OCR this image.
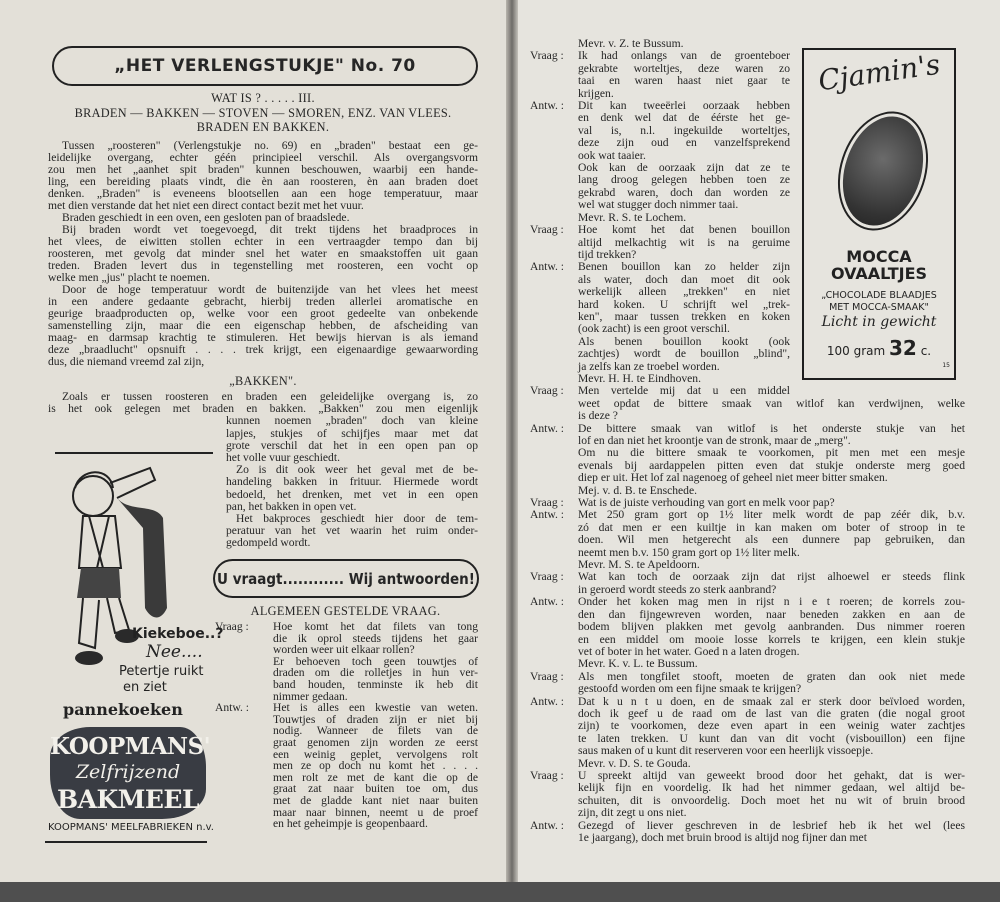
„HET VERLENGSTUKJE" No. 70
WAT IS ? . . . . . III.
BRADEN — BAKKEN — STOVEN — SMOREN, ENZ. VAN VLEES.
BRADEN EN BAKKEN.
Tussen „roosteren" (Verlengstukje no. 69) en „braden" bestaat een ge-
leidelijke overgang, echter géén principieel verschil. Als overgangsvorm
zou men het „aanhet spit braden" kunnen beschouwen, waarbij een hande-
ling, een bereiding plaats vindt, die èn aan roosteren, èn aan braden doet
denken. „Braden" is eveneens blootsellen aan een hoge temperatuur, maar
met dien verstande dat het niet een direct contact bezit met het vuur.
Braden geschiedt in een oven, een gesloten pan of braadslede.
Bij braden wordt vet toegevoegd, dit trekt tijdens het braadproces in
het vlees, de eiwitten stollen echter in een vertraagder tempo dan bij
roosteren, met gevolg dat minder snel het water en smaakstoffen uit gaan
treden. Braden levert dus in tegenstelling met roosteren, een vocht op
welke men „jus" placht te noemen.
Door de hoge temperatuur wordt de buitenzijde van het vlees het meest
in een andere gedaante gebracht, hierbij treden allerlei aromatische en
geurige braadproducten op, welke voor een groot gedeelte van onbekende
samenstelling zijn, maar die een eigenschap hebben, de afscheiding van
maag- en darmsap krachtig te stimuleren. Het bewijs hiervan is als iemand
deze „braadlucht" opsnuift . . . . trek krijgt, een eigenaardige gewaarwording
dus, die niemand vreemd zal zijn,
„BAKKEN".
Zoals er tussen roosteren en braden een geleidelijke overgang is, zo
is het ook gelegen met braden en bakken. „Bakken" zou men eigenlijk
kunnen noemen „braden" doch van kleine
lapjes, stukjes of schijfjes maar met dat
grote verschil dat het in een open pan op
het volle vuur geschiedt.
Zo is dit ook weer het geval met de be-
handeling bakken in frituur. Hiermede wordt
bedoeld, het drenken, met vet in een open
pan, het bakken in open vet.
Het bakproces geschiedt hier door de tem-
peratuur van het vet waarin het ruim onder-
gedompeld wordt.
Kiekeboe..?
Nee....
Petertje ruikt
en ziet
pannekoeken
KOOPMANS'
Zelfrijzend
BAKMEEL
KOOPMANS' MEELFABRIEKEN n.v.
U vraagt............ Wij antwoorden!
ALGEMEEN GESTELDE VRAAG.
Vraag :	Hoe komt het dat filets van tong
die ik oprol steeds tijdens het gaar
worden weer uit elkaar rollen?
Er behoeven toch geen touwtjes of
draden om die rolletjes in hun ver-
band houden, tenminste ik heb dit
nimmer gedaan.
Antw. :	Het is alles een kwestie van weten.
Touwtjes of draden zijn er niet bij
nodig. Wanneer de filets van de
graat genomen zijn worden ze eerst
een weinig geplet, vervolgens rolt
men ze op doch nu komt het . . . .
men rolt ze met de kant die op de
graat zat naar buiten toe om, dus
met de gladde kant niet naar buiten
maar naar binnen, neemt u de proef
en het geheimpje is geopenbaard.
Mevr. v. Z. te Bussum.
Vraag :	Ik had onlangs van de groenteboer
gekrabte worteltjes, deze waren zo
taai en waren haast niet gaar te
krijgen.
Antw. :	Dit kan tweeërlei oorzaak hebben
en denk wel dat de éérste het ge-
val is, n.l. ingekuilde worteltjes,
deze zijn oud en vanzelfsprekend
ook wat taaier.
Ook kan de oorzaak zijn dat ze te
lang droog gelegen hebben toen ze
gekrabd waren, doch dan worden ze
wel wat stugger doch nimmer taai.
Mevr. R. S. te Lochem.
Vraag :	Hoe komt het dat benen bouillon
altijd melkachtig wit is na geruime
tijd trekken?
Antw. :	Benen bouillon kan zo helder zijn
als water, doch dan moet dit ook
werkelijk alleen „trekken" en niet
hard koken. U schrijft wel „trek-
ken", maar tussen trekken en koken
(ook zacht) is een groot verschil.
Als benen bouillon kookt (ook
zachtjes) wordt de bouillon „blind",
ja zelfs kan ze troebel worden.
Mevr. H. H. te Eindhoven.
Vraag :	Men vertelde mij dat u een middel
weet opdat de bittere smaak van witlof kan verdwijnen, welke
is deze ?
Antw. :	De bittere smaak van witlof is het onderste stukje van het
lof en dan niet het kroontje van de stronk, maar de „merg".
Om nu die bittere smaak te voorkomen, pit men met een mesje
evenals bij aardappelen pitten even dat stukje onderste merg goed
diep er uit. Het lof zal nagenoeg of geheel niet meer bitter smaken.
Mej. v. d. B. te Enschede.
Vraag :	Wat is de juiste verhouding van gort en melk voor pap?
Antw. :	Met 250 gram gort op 1½ liter melk wordt de pap zéér dik, b.v.
zó dat men er een kuiltje in kan maken om boter of stroop in te
doen. Wil men hetgerecht als een dunnere pap gebruiken, dan
neemt men b.v. 150 gram gort op 1½ liter melk.
Mevr. M. S. te Apeldoorn.
Vraag :	Wat kan toch de oorzaak zijn dat rijst alhoewel er steeds flink
in geroerd wordt steeds zo sterk aanbrand?
Antw. :	Onder het koken mag men in rijst n i e t roeren; de korrels zou-
den dan fijngewreven worden, naar beneden zakken en aan de
bodem blijven plakken met gevolg aanbranden. Dus nimmer roeren
en een middel om mooie losse korrels te krijgen, een klein stukje
vet of boter in het water. Goed n a laten drogen.
Mevr. K. v. L. te Bussum.
Vraag :	Als men tongfilet stooft, moeten de graten dan ook niet mede
gestoofd worden om een fijne smaak te krijgen?
Antw. :	Dat k u n t u doen, en de smaak zal er sterk door beïvloed worden,
doch ik geef u de raad om de last van die graten (die nogal groot
zijn) te voorkomen, deze even apart in een weinig water zachtjes
te laten trekken. U kunt dan van dit vocht (visbouillon) een fijne
saus maken of u kunt dit reserveren voor een heerlijk vissoepje.
Mevr. v. D. S. te Gouda.
Vraag :	U spreekt altijd van geweekt brood door het gehakt, dat is wer-
kelijk fijn en voordelig. Ik had het nimmer gedaan, wel altijd be-
schuiten, dit is onvoordelig. Doch moet het nu wit of bruin brood
zijn, dit zegt u ons niet.
Antw. :	Gezegd of liever geschreven in de lesbrief heb ik het wel (lees
1e jaargang), doch met bruin brood is altijd nog fijner dan met
Cjamin's
MOCCA
OVAALTJES
„CHOCOLADE BLAADJES
MET MOCCA-SMAAK"
Licht in gewicht
100 gram 32 c.
15
